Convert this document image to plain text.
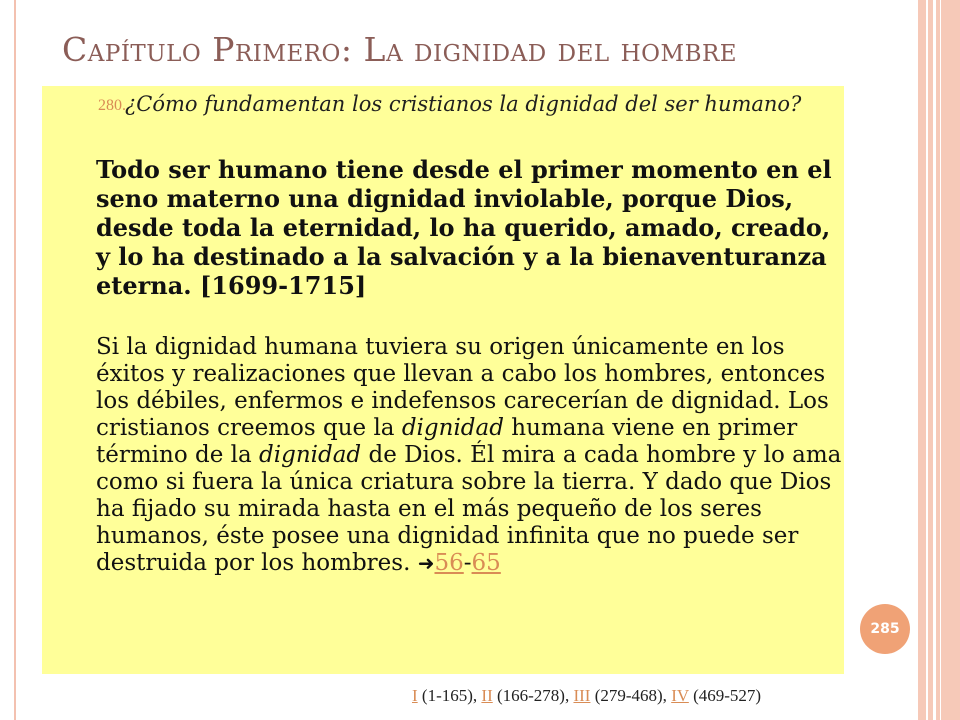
Capítulo Primero: La dignidad del hombre
280. ¿Cómo fundamentan los cristianos la dignidad del ser humano?
Todo ser humano tiene desde el primer momento en el seno materno una dignidad inviolable, porque Dios, desde toda la eternidad, lo ha querido, amado, creado, y lo ha destinado a la salvación y a la bienaventuranza eterna. [1699-1715]
Si la dignidad humana tuviera su origen únicamente en los éxitos y realizaciones que llevan a cabo los hombres, entonces los débiles, enfermos e indefensos carecerían de dignidad. Los cristianos creemos que la dignidad humana viene en primer término de la dignidad de Dios. Él mira a cada hombre y lo ama como si fuera la única criatura sobre la tierra. Y dado que Dios ha fijado su mirada hasta en el más pequeño de los seres humanos, éste posee una dignidad infinita que no puede ser destruida por los hombres. ➜56-65
285
I (1-165), II (166-278), III (279-468), IV (469-527)
